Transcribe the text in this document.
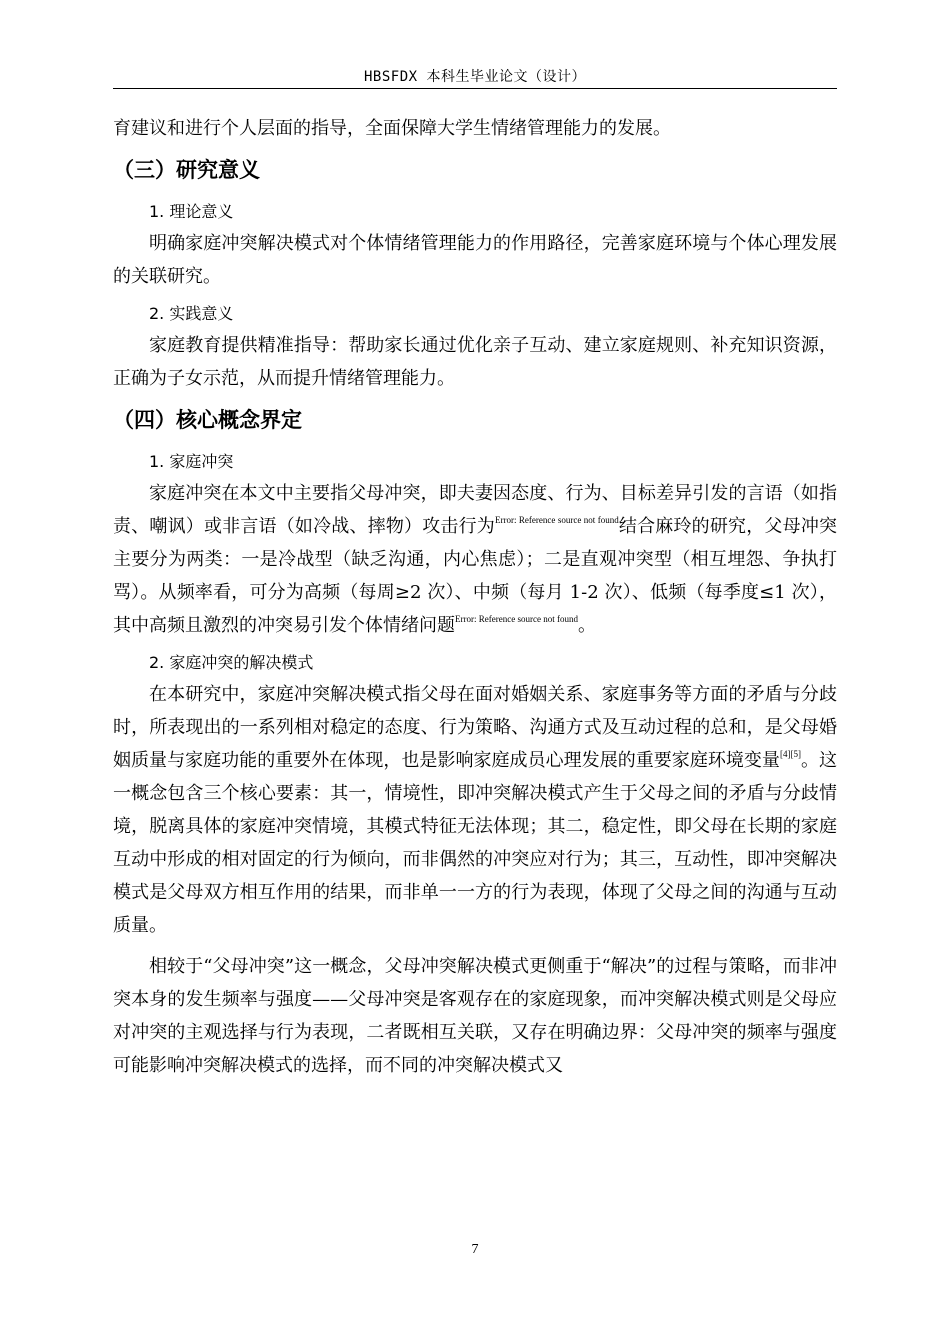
HBSFDX 本科生毕业论文（设计）

育建议和进行个人层面的指导，全面保障大学生情绪管理能力的发展。

（三）研究意义
1. 理论意义

明确家庭冲突解决模式对个体情绪管理能力的作用路径，完善家庭环境与个体心理发展的关联研究。

2. 实践意义

家庭教育提供精准指导：帮助家长通过优化亲子互动、建立家庭规则、补充知识资源，正确为子女示范，从而提升情绪管理能力。

（四）核心概念界定
1. 家庭冲突

家庭冲突在本文中主要指父母冲突，即夫妻因态度、行为、目标差异引发的言语（如指责、嘲讽）或非言语（如冷战、摔物）攻击行为$^{Error: Reference source not found}$结合麻玲的研究，父母冲突主要分为两类：一是冷战型（缺乏沟通，内心焦虑）；二是直观冲突型（相互埋怨、争执打骂）。从频率看，可分为高频（每周≥2 次）、中频（每月 1-2 次）、低频（每季度≤1 次），其中高频且激烈的冲突易引发个体情绪问题$^{Error: Reference source not found}$。

2. 家庭冲突的解决模式

在本研究中，家庭冲突解决模式指父母在面对婚姻关系、家庭事务等方面的矛盾与分歧时，所表现出的一系列相对稳定的态度、行为策略、沟通方式及互动过程的总和，是父母婚姻质量与家庭功能的重要外在体现，也是影响家庭成员心理发展的重要家庭环境变量[4][5]。这一概念包含三个核心要素：其一，情境性，即冲突解决模式产生于父母之间的矛盾与分歧情境，脱离具体的家庭冲突情境，其模式特征无法体现；其二，稳定性，即父母在长期的家庭互动中形成的相对固定的行为倾向，而非偶然的冲突应对行为；其三，互动性，即冲突解决模式是父母双方相互作用的结果，而非单一一方的行为表现，体现了父母之间的沟通与互动质量。

相较于“父母冲突”这一概念，父母冲突解决模式更侧重于“解决”的过程与策略，而非冲突本身的发生频率与强度——父母冲突是客观存在的家庭现象，而冲突解决模式则是父母应对冲突的主观选择与行为表现，二者既相互关联，又存在明确边界：父母冲突的频率与强度可能影响冲突解决模式的选择，而不同的冲突解决模式又

7
